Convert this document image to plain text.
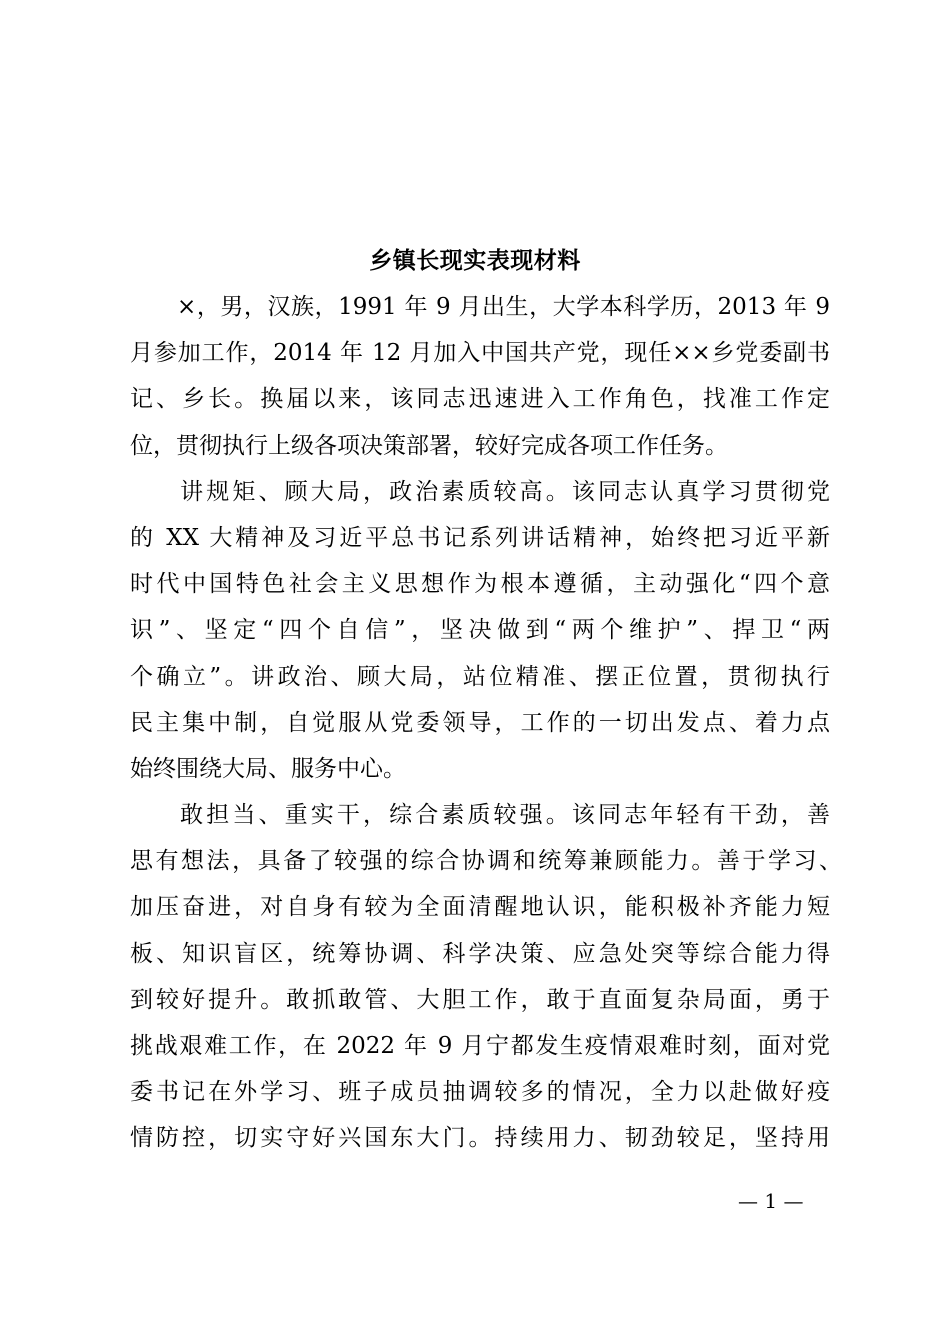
乡镇长现实表现材料
×，男，汉族，1991 年 9 月出生，大学本科学历，2013 年 9
月参加工作，2014 年 12 月加入中国共产党，现任××乡党委副书
记、乡长。换届以来，该同志迅速进入工作角色，找准工作定
位，贯彻执行上级各项决策部署，较好完成各项工作任务。
讲规矩、顾大局，政治素质较高。该同志认真学习贯彻党
的 XX 大精神及习近平总书记系列讲话精神，始终把习近平新
时代中国特色社会主义思想作为根本遵循，主动强化“四个意
识”、坚定“四个自信”，坚决做到“两个维护”、捍卫“两
个确立”。讲政治、顾大局，站位精准、摆正位置，贯彻执行
民主集中制，自觉服从党委领导，工作的一切出发点、着力点
始终围绕大局、服务中心。
敢担当、重实干，综合素质较强。该同志年轻有干劲，善
思有想法，具备了较强的综合协调和统筹兼顾能力。善于学习、
加压奋进，对自身有较为全面清醒地认识，能积极补齐能力短
板、知识盲区，统筹协调、科学决策、应急处突等综合能力得
到较好提升。敢抓敢管、大胆工作，敢于直面复杂局面，勇于
挑战艰难工作，在 2022 年 9 月宁都发生疫情艰难时刻，面对党
委书记在外学习、班子成员抽调较多的情况，全力以赴做好疫
情防控，切实守好兴国东大门。持续用力、韧劲较足，坚持用
— 1 —
